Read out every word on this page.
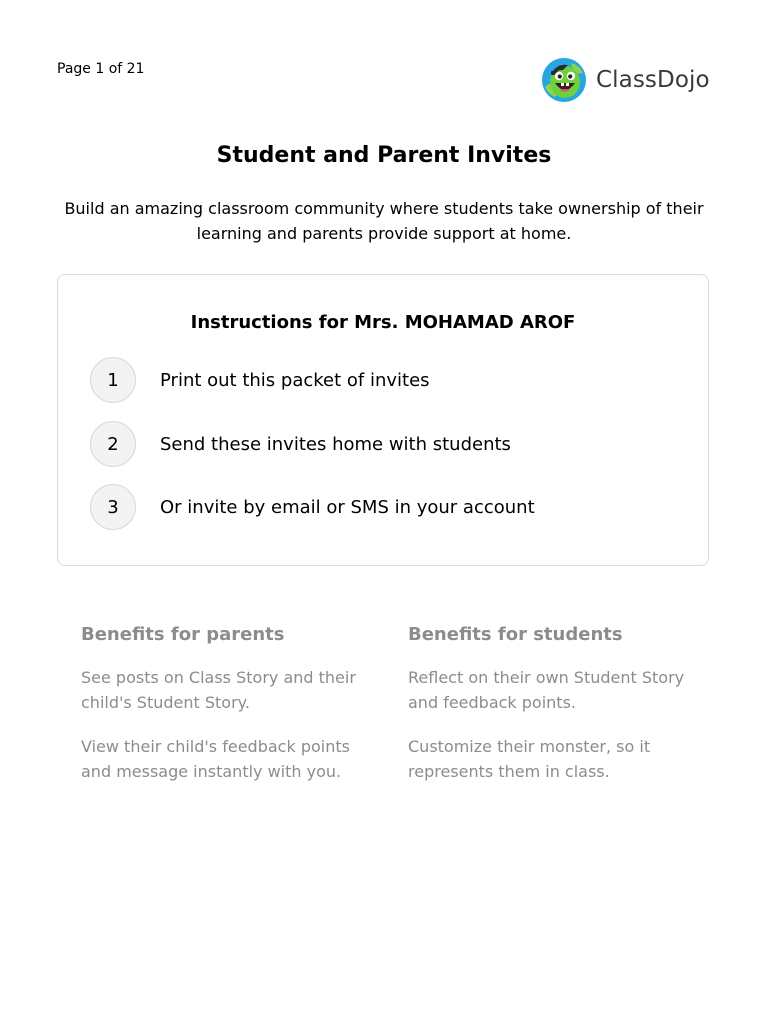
Page 1 of 21	ClassDojo
Student and Parent Invites
Build an amazing classroom community where students take ownership of their learning and parents provide support at home.
Instructions for Mrs. MOHAMAD AROF
1	Print out this packet of invites
2	Send these invites home with students
3	Or invite by email or SMS in your account

Benefits for parents

See posts on Class Story and their child's Student Story.

View their child's feedback points and message instantly with you.

Benefits for students

Reflect on their own Student Story and feedback points.

Customize their monster, so it represents them in class.
